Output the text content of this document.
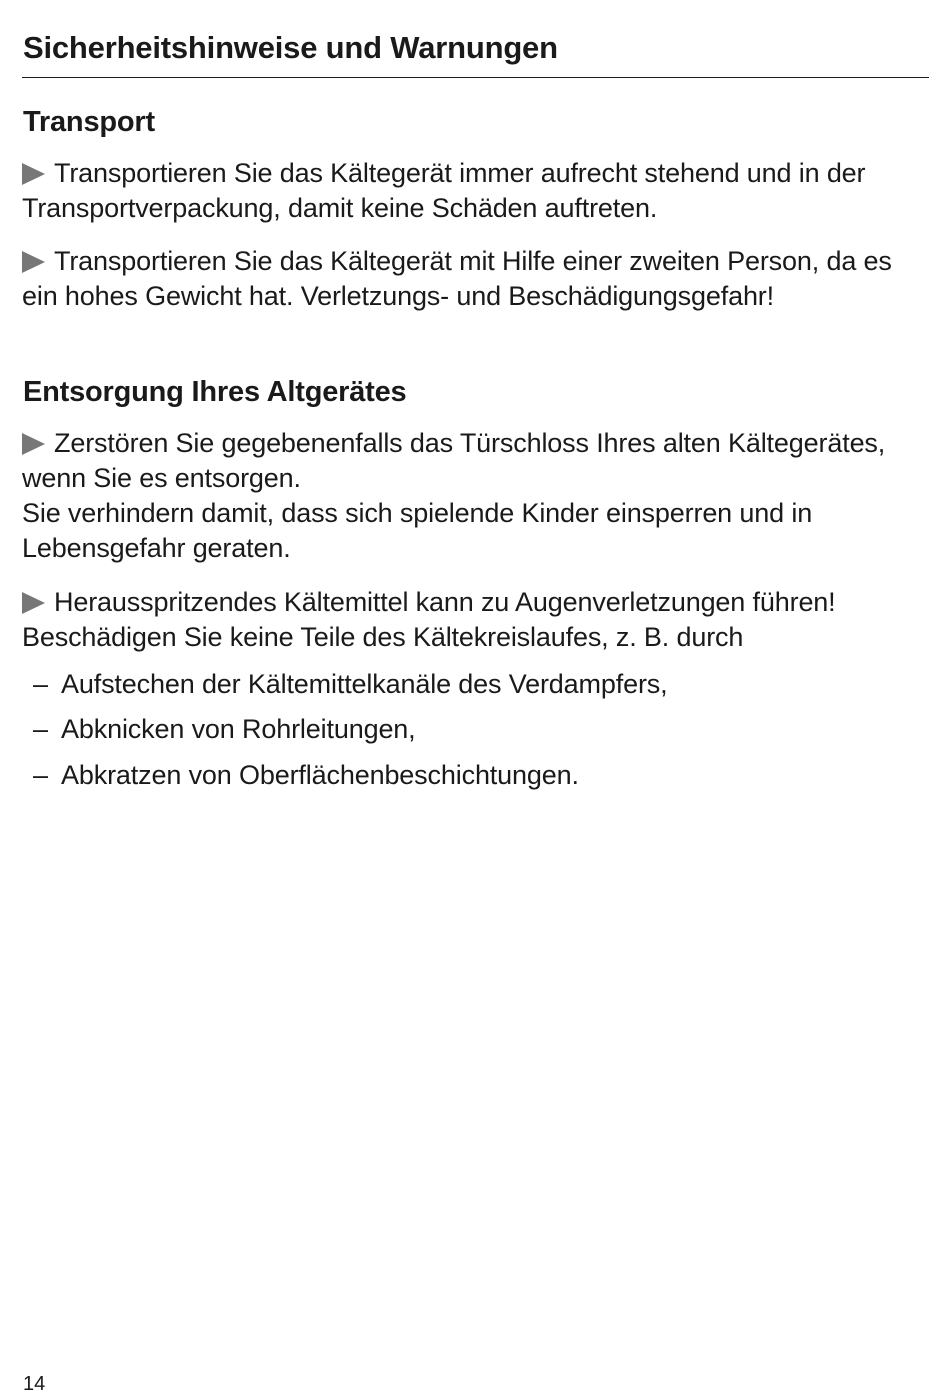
Sicherheitshinweise und Warnungen
Transport

Transportieren Sie das Kältegerät immer aufrecht stehend und in der Transportverpackung, damit keine Schäden auftreten.

Transportieren Sie das Kältegerät mit Hilfe einer zweiten Person, da es ein hohes Gewicht hat. Verletzungs- und Beschädigungsgefahr!

Entsorgung Ihres Altgerätes

Zerstören Sie gegebenenfalls das Türschloss Ihres alten Kältegerätes, wenn Sie es entsorgen.
Sie verhindern damit, dass sich spielende Kinder einsperren und in Lebensgefahr geraten.

Herausspritzendes Kältemittel kann zu Augenverletzungen führen!
Beschädigen Sie keine Teile des Kältekreislaufes, z. B. durch

– Aufstechen der Kältemittelkanäle des Verdampfers,

– Abknicken von Rohrleitungen,

– Abkratzen von Oberflächenbeschichtungen.

14
